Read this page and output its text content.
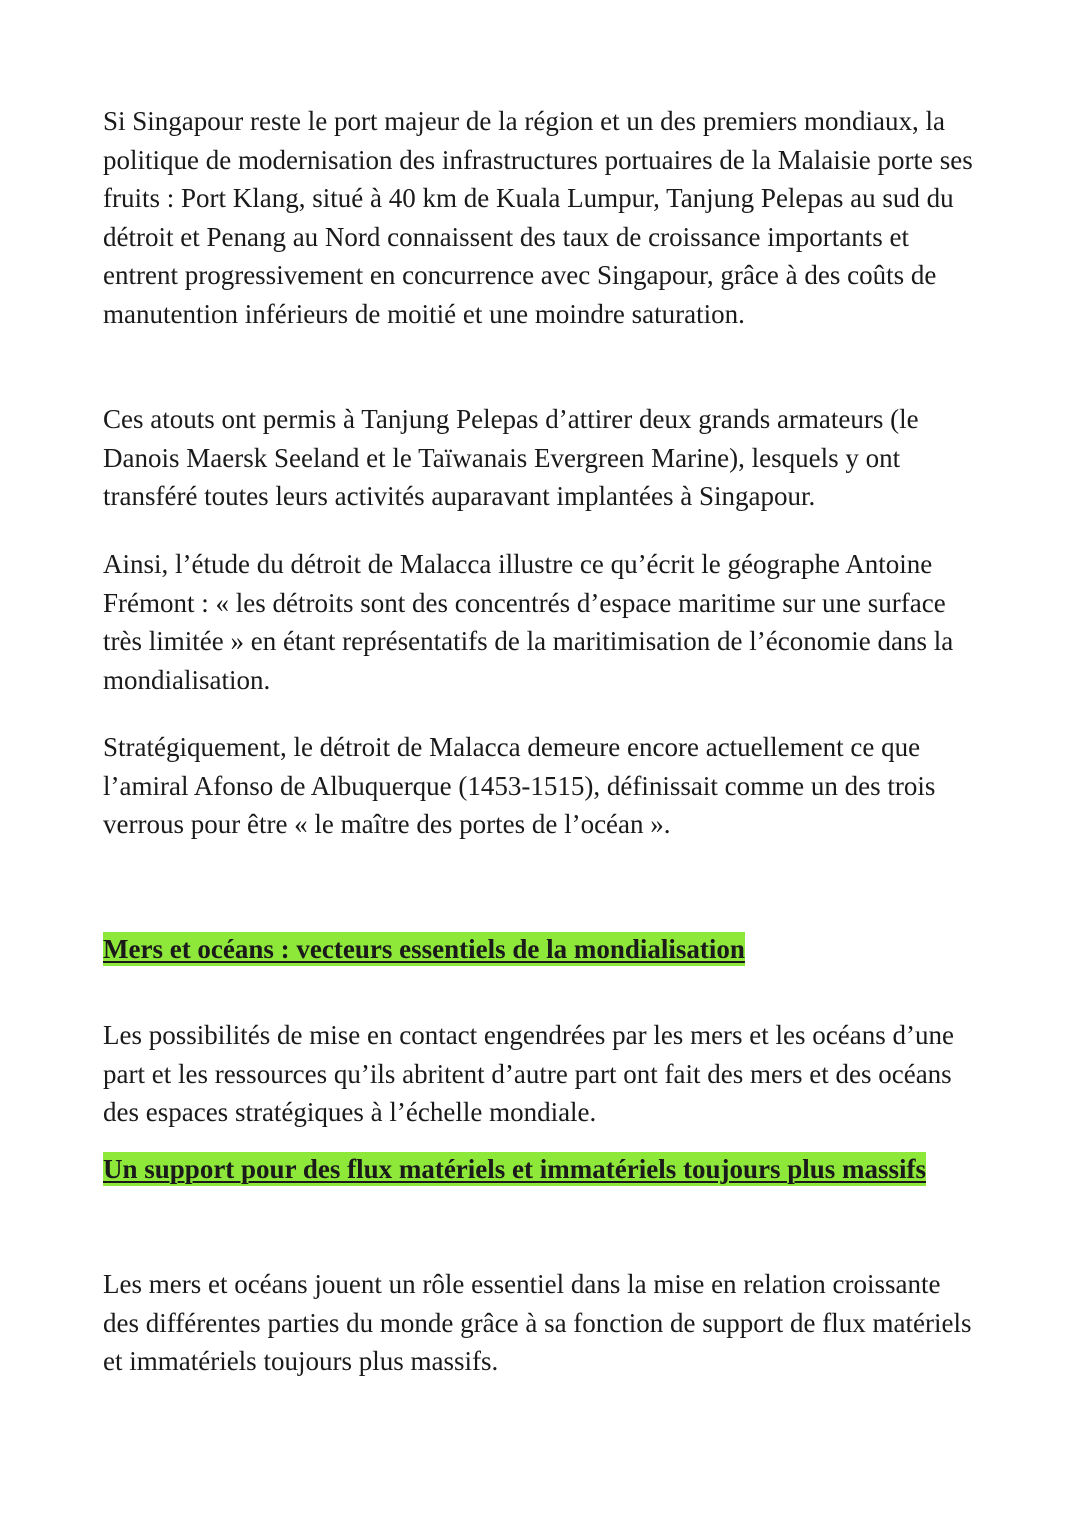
Si Singapour reste le port majeur de la région et un des premiers mondiaux, la politique de modernisation des infrastructures portuaires de la Malaisie porte ses fruits : Port Klang, situé à 40 km de Kuala Lumpur, Tanjung Pelepas au sud du détroit et Penang au Nord connaissent des taux de croissance importants et entrent progressivement en concurrence avec Singapour, grâce à des coûts de manutention inférieurs de moitié et une moindre saturation.

Ces atouts ont permis à Tanjung Pelepas d’attirer deux grands armateurs (le Danois Maersk Seeland et le Taïwanais Evergreen Marine), lesquels y ont transféré toutes leurs activités auparavant implantées à Singapour.

Ainsi, l’étude du détroit de Malacca illustre ce qu’écrit le géographe Antoine Frémont : « les détroits sont des concentrés d’espace maritime sur une surface très limitée » en étant représentatifs de la maritimisation de l’économie dans la mondialisation.

Stratégiquement, le détroit de Malacca demeure encore actuellement ce que l’amiral Afonso de Albuquerque (1453-1515), définissait comme un des trois verrous pour être « le maître des portes de l’océan ».

Mers et océans : vecteurs essentiels de la mondialisation

Les possibilités de mise en contact engendrées par les mers et les océans d’une part et les ressources qu’ils abritent d’autre part ont fait des mers et des océans des espaces stratégiques à l’échelle mondiale.

Un support pour des flux matériels et immatériels toujours plus massifs

Les mers et océans jouent un rôle essentiel dans la mise en relation croissante des différentes parties du monde grâce à sa fonction de support de flux matériels et immatériels toujours plus massifs.
